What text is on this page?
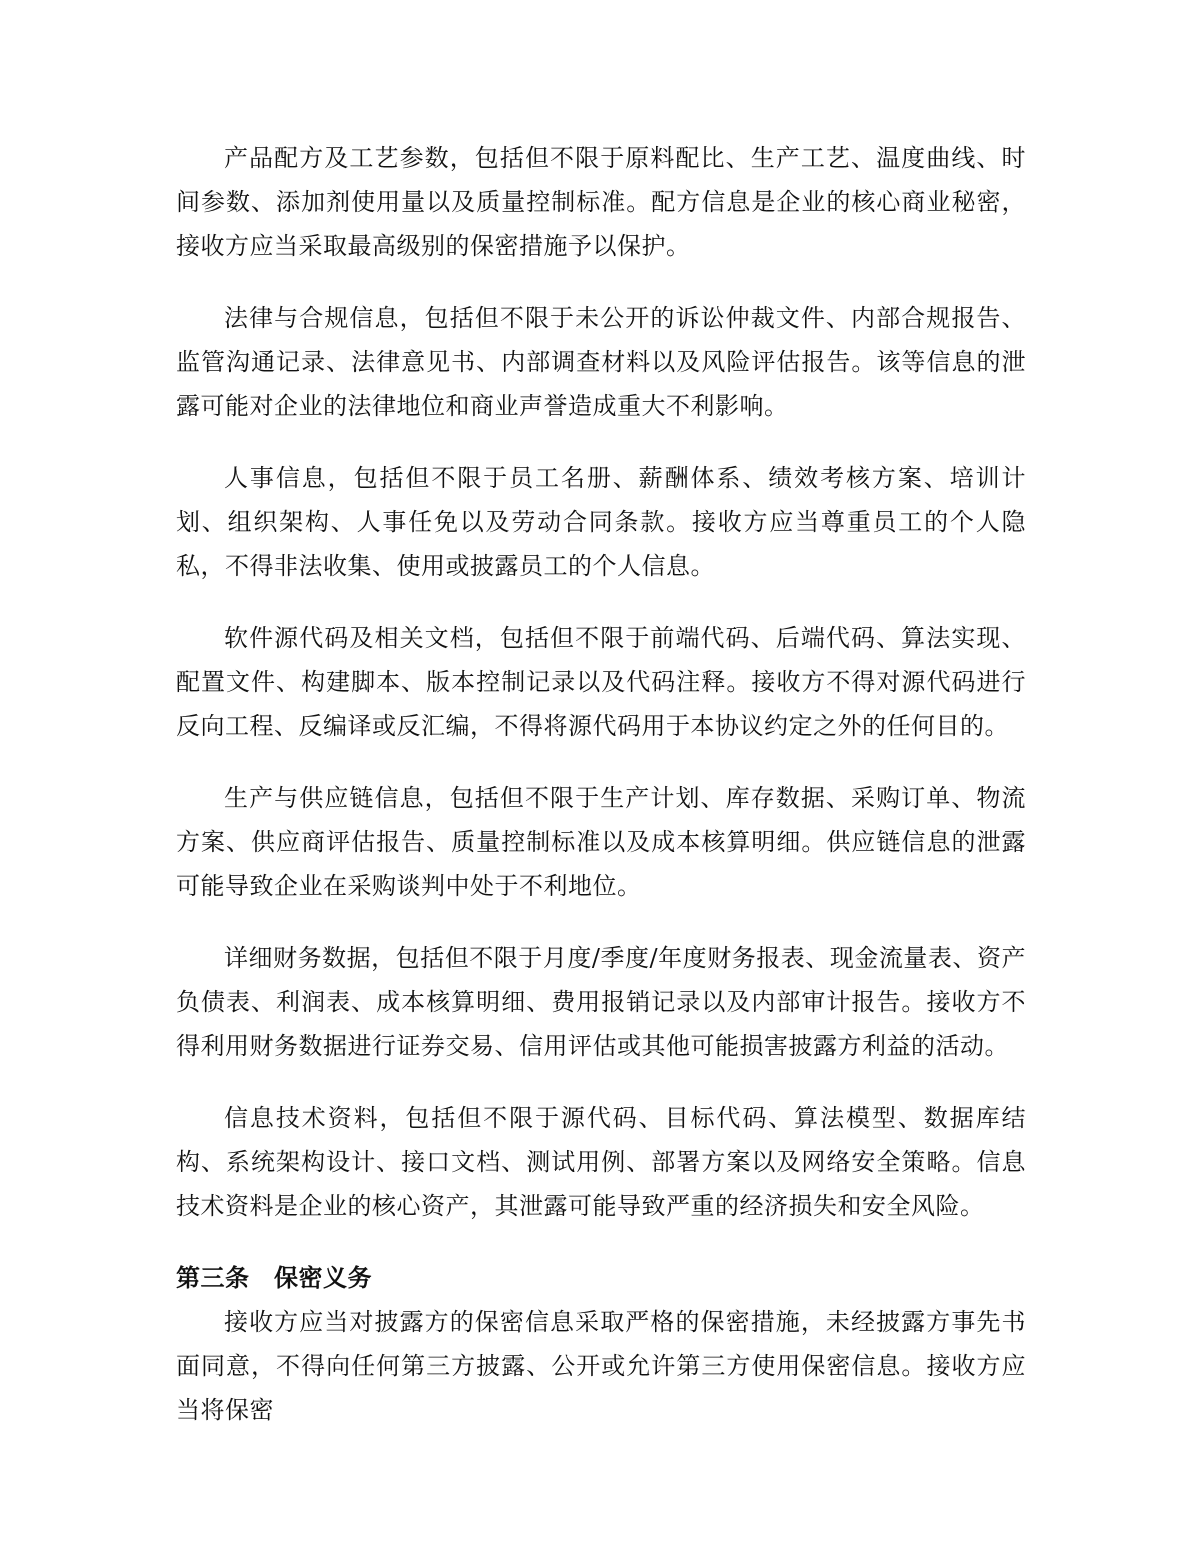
产品配方及工艺参数，包括但不限于原料配比、生产工艺、温度曲线、时间参数、添加剂使用量以及质量控制标准。配方信息是企业的核心商业秘密，接收方应当采取最高级别的保密措施予以保护。

法律与合规信息，包括但不限于未公开的诉讼仲裁文件、内部合规报告、监管沟通记录、法律意见书、内部调查材料以及风险评估报告。该等信息的泄露可能对企业的法律地位和商业声誉造成重大不利影响。

人事信息，包括但不限于员工名册、薪酬体系、绩效考核方案、培训计划、组织架构、人事任免以及劳动合同条款。接收方应当尊重员工的个人隐私，不得非法收集、使用或披露员工的个人信息。

软件源代码及相关文档，包括但不限于前端代码、后端代码、算法实现、配置文件、构建脚本、版本控制记录以及代码注释。接收方不得对源代码进行反向工程、反编译或反汇编，不得将源代码用于本协议约定之外的任何目的。

生产与供应链信息，包括但不限于生产计划、库存数据、采购订单、物流方案、供应商评估报告、质量控制标准以及成本核算明细。供应链信息的泄露可能导致企业在采购谈判中处于不利地位。

详细财务数据，包括但不限于月度/季度/年度财务报表、现金流量表、资产负债表、利润表、成本核算明细、费用报销记录以及内部审计报告。接收方不得利用财务数据进行证券交易、信用评估或其他可能损害披露方利益的活动。

信息技术资料，包括但不限于源代码、目标代码、算法模型、数据库结构、系统架构设计、接口文档、测试用例、部署方案以及网络安全策略。信息技术资料是企业的核心资产，其泄露可能导致严重的经济损失和安全风险。

第三条　保密义务

接收方应当对披露方的保密信息采取严格的保密措施，未经披露方事先书面同意，不得向任何第三方披露、公开或允许第三方使用保密信息。接收方应当将保密
